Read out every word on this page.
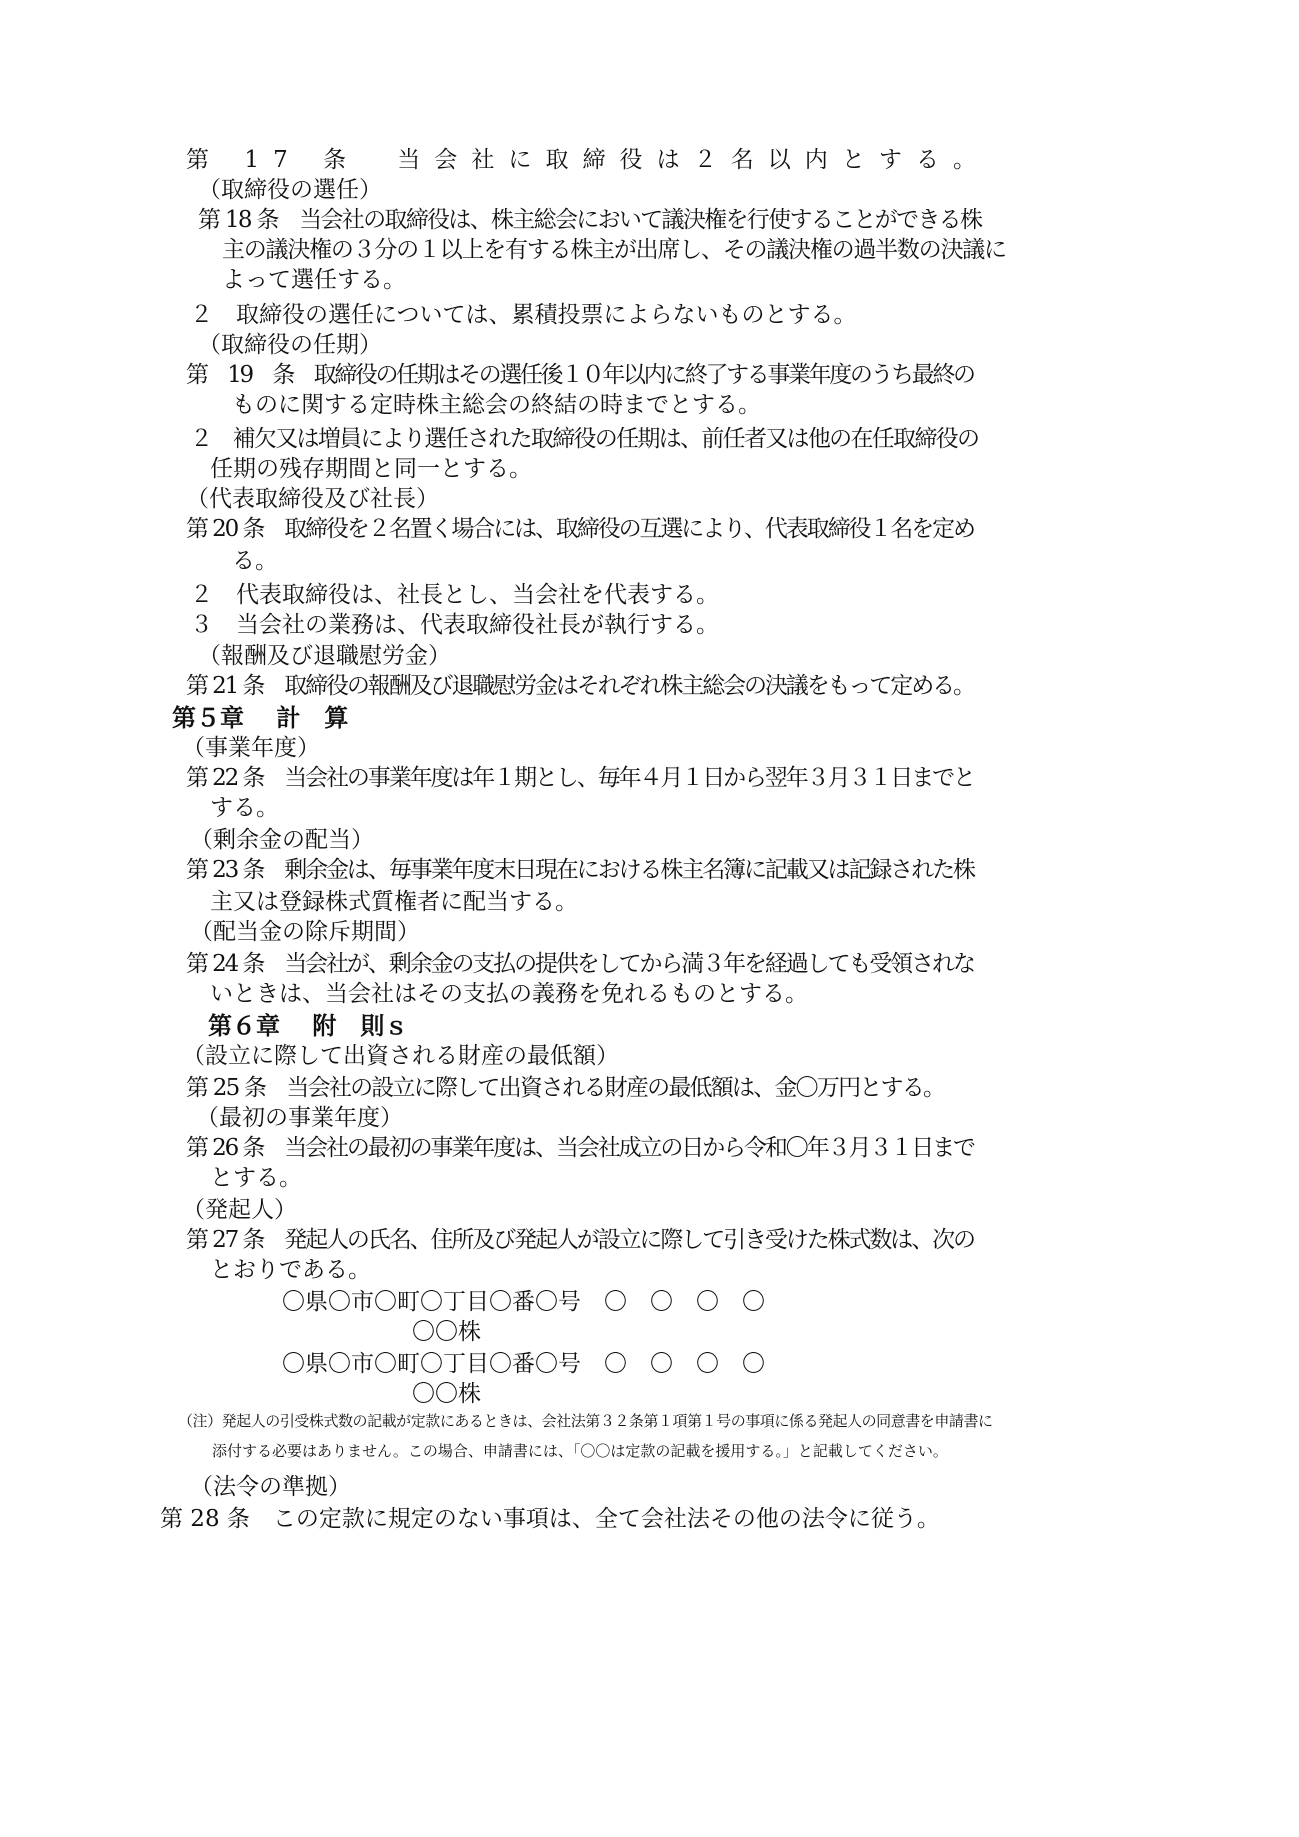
第 17 条　当会社に取締役は２名以内とする。
（取締役の選任）
第 18 条　当会社の取締役は、株主総会において議決権を行使することができる株
主の議決権の３分の１以上を有する株主が出席し、その議決権の過半数の決議に
よって選任する。
２　取締役の選任については、累積投票によらないものとする。
（取締役の任期）
第　19　条　取締役の任期はその選任後１０年以内に終了する事業年度のうち最終の
ものに関する定時株主総会の終結の時までとする。
２　補欠又は増員により選任された取締役の任期は、前任者又は他の在任取締役の
任期の残存期間と同一とする。
（代表取締役及び社長）
第 20 条　取締役を２名置く場合には、取締役の互選により、代表取締役１名を定め
る。
２　代表取締役は、社長とし、当会社を代表する。
３　当会社の業務は、代表取締役社長が執行する。
（報酬及び退職慰労金）
第 21 条　取締役の報酬及び退職慰労金はそれぞれ株主総会の決議をもって定める。
第５章　 計　算
（事業年度）
第 22 条　当会社の事業年度は年１期とし、毎年４月１日から翌年３月３１日までと
する。
（剰余金の配当）
第 23 条　剰余金は、毎事業年度末日現在における株主名簿に記載又は記録された株
主又は登録株式質権者に配当する。
（配当金の除斥期間）
第 24 条　当会社が、剰余金の支払の提供をしてから満３年を経過しても受領されな
いときは、当会社はその支払の義務を免れるものとする。
第６章　 附　則ｓ
（設立に際して出資される財産の最低額）
第 25 条　当会社の設立に際して出資される財産の最低額は、金〇万円とする。
（最初の事業年度）
第 26 条　当会社の最初の事業年度は、当会社成立の日から令和〇年３月３１日まで
とする。
（発起人）
第 27 条　発起人の氏名、住所及び発起人が設立に際して引き受けた株式数は、次の
とおりである。
〇県〇市〇町〇丁目〇番〇号　〇　〇　〇　〇
〇〇株
〇県〇市〇町〇丁目〇番〇号　〇　〇　〇　〇
〇〇株
（注）発起人の引受株式数の記載が定款にあるときは、会社法第３２条第１項第１号の事項に係る発起人の同意書を申請書に
添付する必要はありません。この場合、申請書には、「〇〇は定款の記載を援用する。」と記載してください。
（法令の準拠）
第 28 条　この定款に規定のない事項は、全て会社法その他の法令に従う。
